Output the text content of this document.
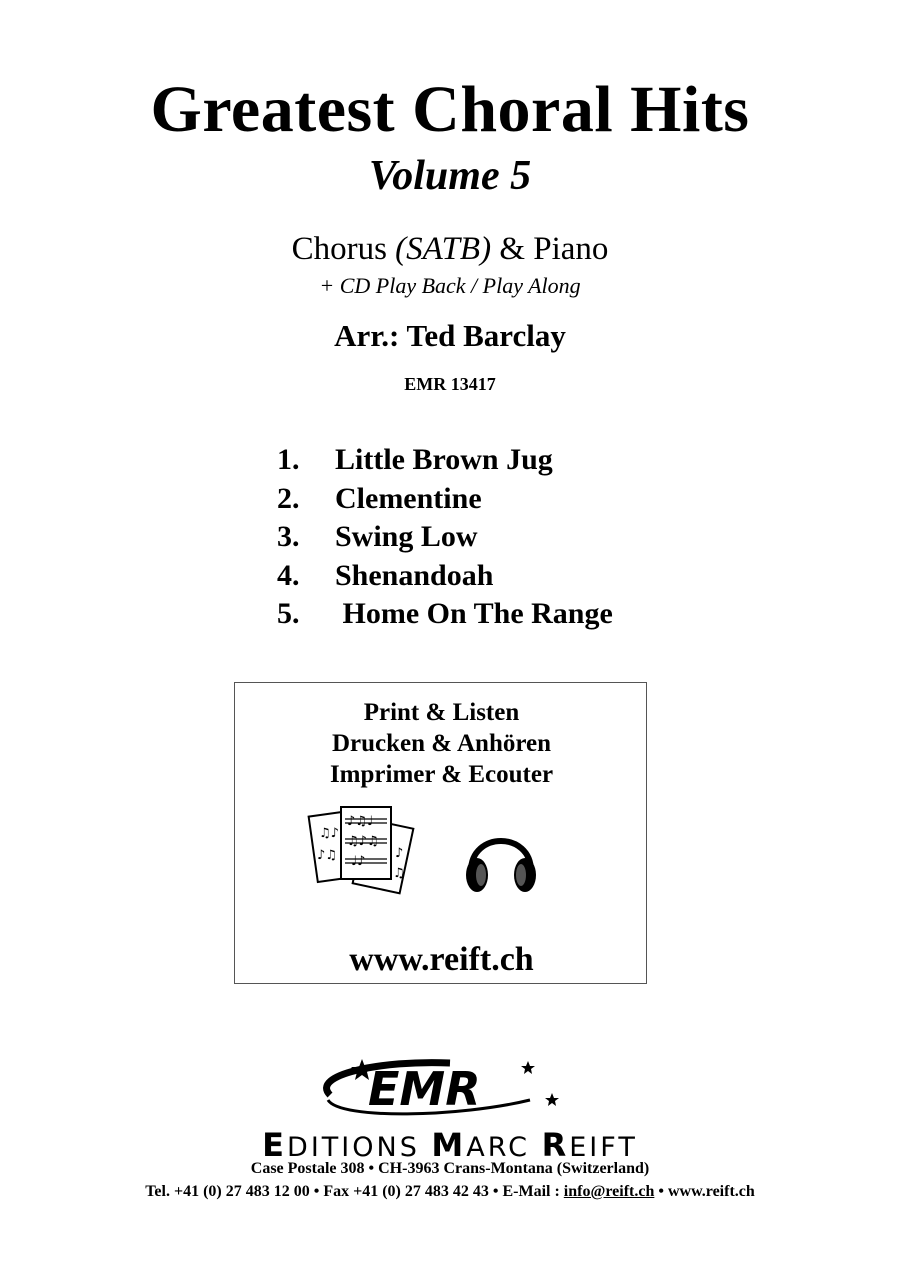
Greatest Choral Hits
Volume 5
Chorus (SATB) & Piano
+ CD Play Back / Play Along
Arr.: Ted Barclay
EMR 13417
1. Little Brown Jug
2. Clementine
3. Swing Low
4. Shenandoah
5. Home On The Range
Print & Listen
Drucken & Anhören
Imprimer & Ecouter
♪♫♩
♫♪♫
♩♪
♫♪
♪♫	♪
♫
www.reift.ch
EMR
EDITIONS MARC REIFT
Case Postale 308 • CH-3963 Crans-Montana (Switzerland)
Tel. +41 (0) 27 483 12 00 • Fax +41 (0) 27 483 42 43 • E-Mail : info@reift.ch • www.reift.ch
